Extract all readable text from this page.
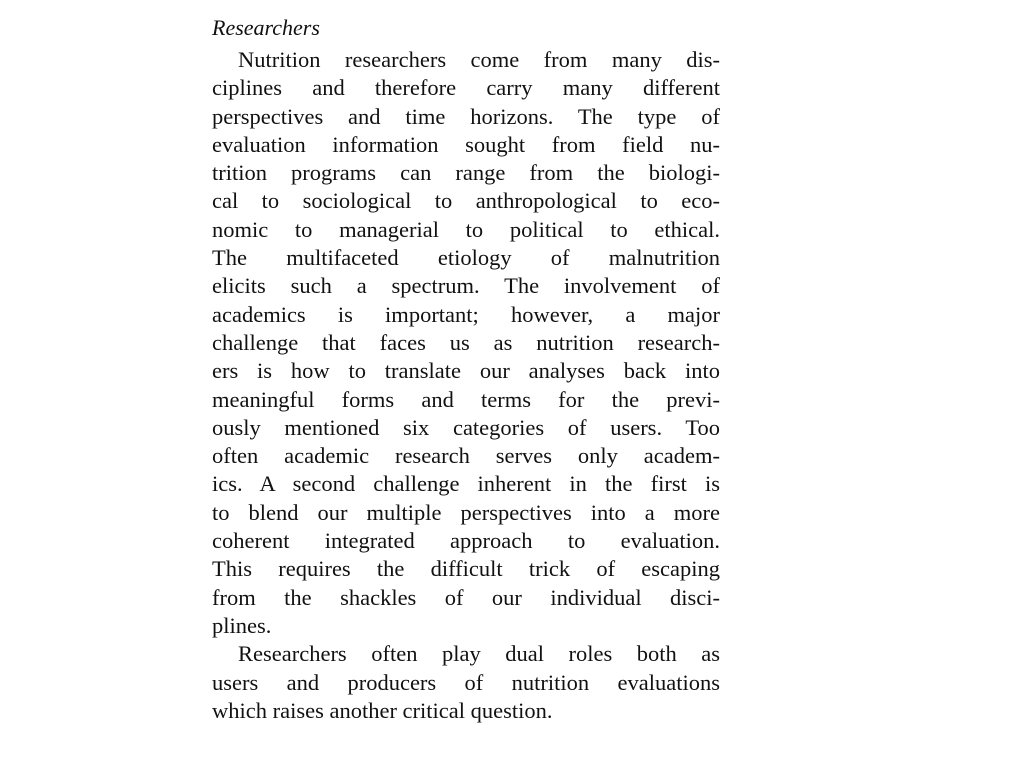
Researchers
Nutrition researchers come from many dis-
ciplines and therefore carry many different
perspectives and time horizons. The type of
evaluation information sought from field nu-
trition programs can range from the biologi-
cal to sociological to anthropological to eco-
nomic to managerial to political to ethical.
The multifaceted etiology of malnutrition
elicits such a spectrum. The involvement of
academics is important; however, a major
challenge that faces us as nutrition research-
ers is how to translate our analyses back into
meaningful forms and terms for the previ-
ously mentioned six categories of users. Too
often academic research serves only academ-
ics. A second challenge inherent in the first is
to blend our multiple perspectives into a more
coherent integrated approach to evaluation.
This requires the difficult trick of escaping
from the shackles of our individual disci-
plines.
Researchers often play dual roles both as
users and producers of nutrition evaluations
which raises another critical question.
